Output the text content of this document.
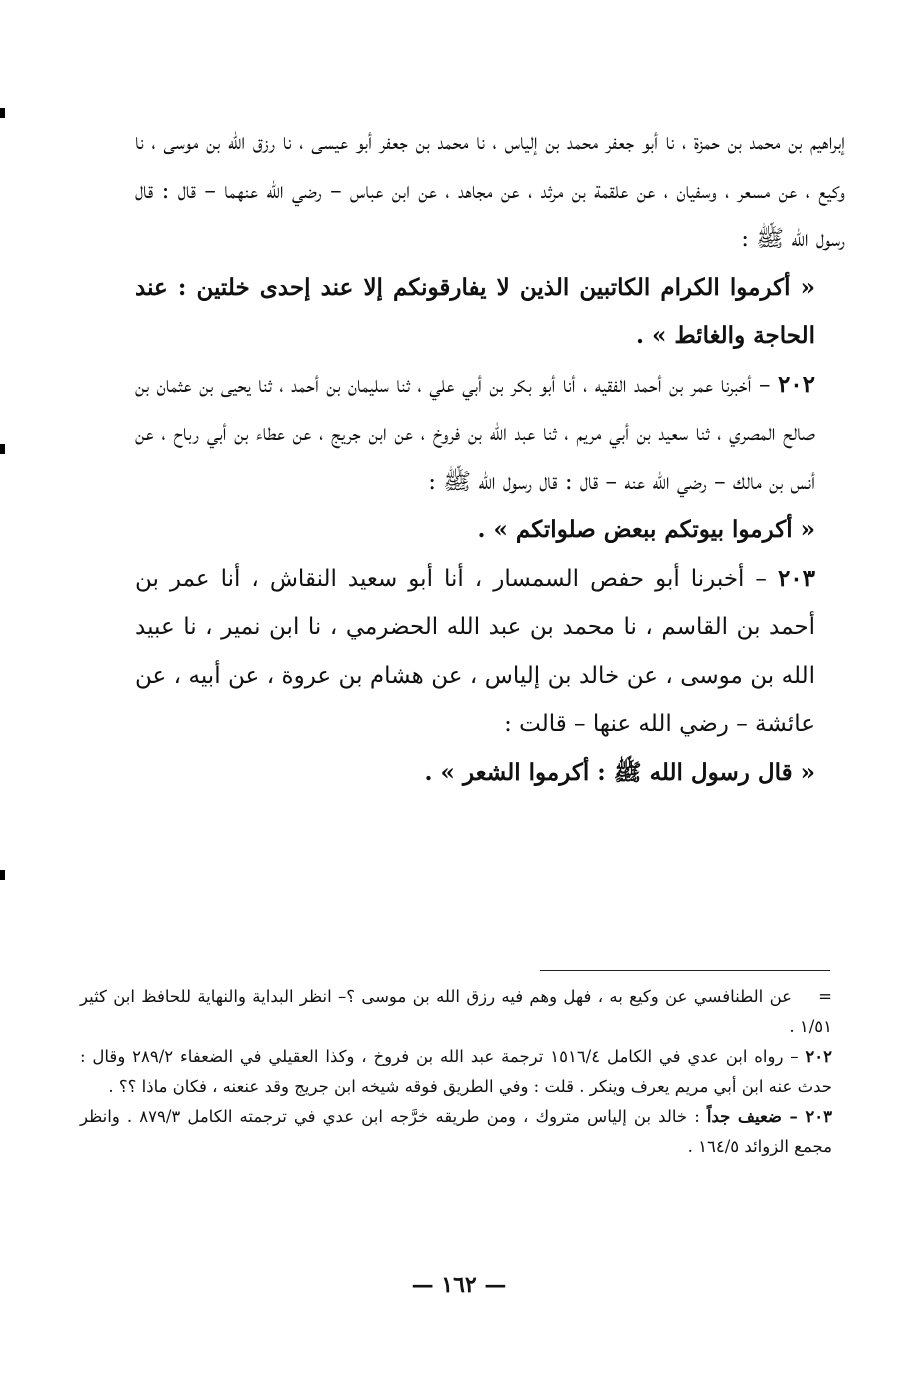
إبراهيم بن محمد بن حمزة ، نا أبو جعفر محمد بن إلياس ، نا محمد بن جعفر أبو عيسى ، نا رزق الله بن موسى ، نا وكيع ، عن مسعر ، وسفيان ، عن علقمة بن مرثد ، عن مجاهد ، عن ابن عباس – رضي الله عنهما – قال : قال رسول الله ﷺ :

« أكرموا الكرام الكاتبين الذين لا يفارقونكم إلا عند إحدى خلتين : عند الحاجة والغائط » .

٢٠٢ – أخبرنا عمر بن أحمد الفقيه ، أنا أبو بكر بن أبي علي ، ثنا سليمان بن أحمد ، ثنا يحيى بن عثمان بن صالح المصري ، ثنا سعيد بن أبي مريم ، ثنا عبد الله بن فروخ ، عن ابن جريج ، عن عطاء بن أبي رباح ، عن أنس بن مالك – رضي الله عنه – قال : قال رسول الله ﷺ :

« أكرموا بيوتكم ببعض صلواتكم » .

٢٠٣ – أخبرنا أبو حفص السمسار ، أنا أبو سعيد النقاش ، أنا عمر بن أحمد بن القاسم ، نا محمد بن عبد الله الحضرمي ، نا ابن نمير ، نا عبيد الله بن موسى ، عن خالد بن إلياس ، عن هشام بن عروة ، عن أبيه ، عن عائشة – رضي الله عنها – قالت :

« قال رسول الله ﷺ : أكرموا الشعر » .

=عن الطنافسي عن وكيع به ، فهل وهم فيه رزق الله بن موسى ؟– انظر البداية والنهاية للحافظ ابن كثير ١/٥١ .

٢٠٢ – رواه ابن عدي في الكامل ١٥١٦/٤ ترجمة عبد الله بن فروخ ، وكذا العقيلي في الضعفاء ٢٨٩/٢ وقال : حدث عنه ابن أبي مريم يعرف وينكر . قلت : وفي الطريق فوقه شيخه ابن جريج وقد عنعنه ، فكان ماذا ؟؟ .

٢٠٣ – ضعيف جداً : خالد بن إلياس متروك ، ومن طريقه خرَّجه ابن عدي في ترجمته الكامل ٨٧٩/٣ . وانظر مجمع الزوائد ١٦٤/٥ .

— ١٦٢ —
